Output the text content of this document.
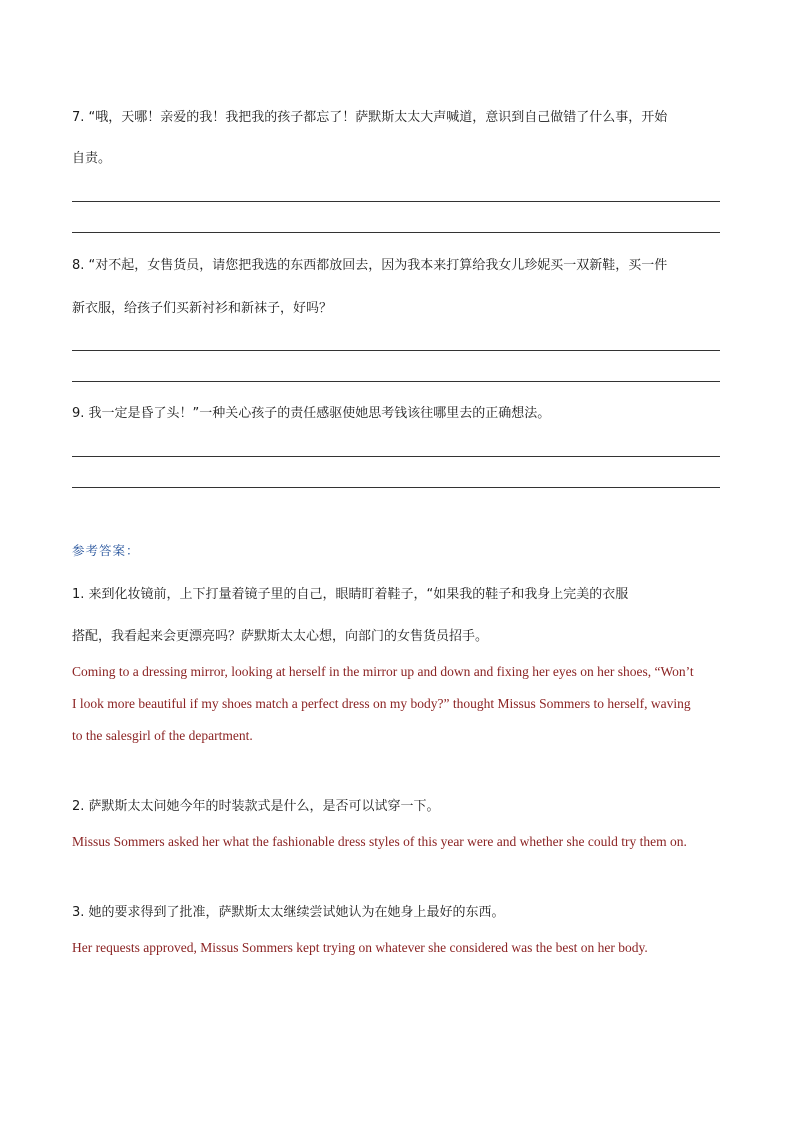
7. “哦，天哪！亲爱的我！我把我的孩子都忘了！萨默斯太太大声喊道，意识到自己做错了什么事，开始
自责。
8. “对不起，女售货员，请您把我选的东西都放回去，因为我本来打算给我女儿珍妮买一双新鞋，买一件
新衣服，给孩子们买新衬衫和新袜子，好吗？
9. 我一定是昏了头！”一种关心孩子的责任感驱使她思考钱该往哪里去的正确想法。
参考答案：
1. 来到化妆镜前，上下打量着镜子里的自己，眼睛盯着鞋子，“如果我的鞋子和我身上完美的衣服
搭配，我看起来会更漂亮吗？萨默斯太太心想，向部门的女售货员招手。
Coming to a dressing mirror, looking at herself in the mirror up and down and fixing her eyes on her shoes, “Won’t
I look more beautiful if my shoes match a perfect dress on my body?” thought Missus Sommers to herself, waving
to the salesgirl of the department.
2. 萨默斯太太问她今年的时装款式是什么，是否可以试穿一下。
Missus Sommers asked her what the fashionable dress styles of this year were and whether she could try them on.
3. 她的要求得到了批准，萨默斯太太继续尝试她认为在她身上最好的东西。
Her requests approved, Missus Sommers kept trying on whatever she considered was the best on her body.
